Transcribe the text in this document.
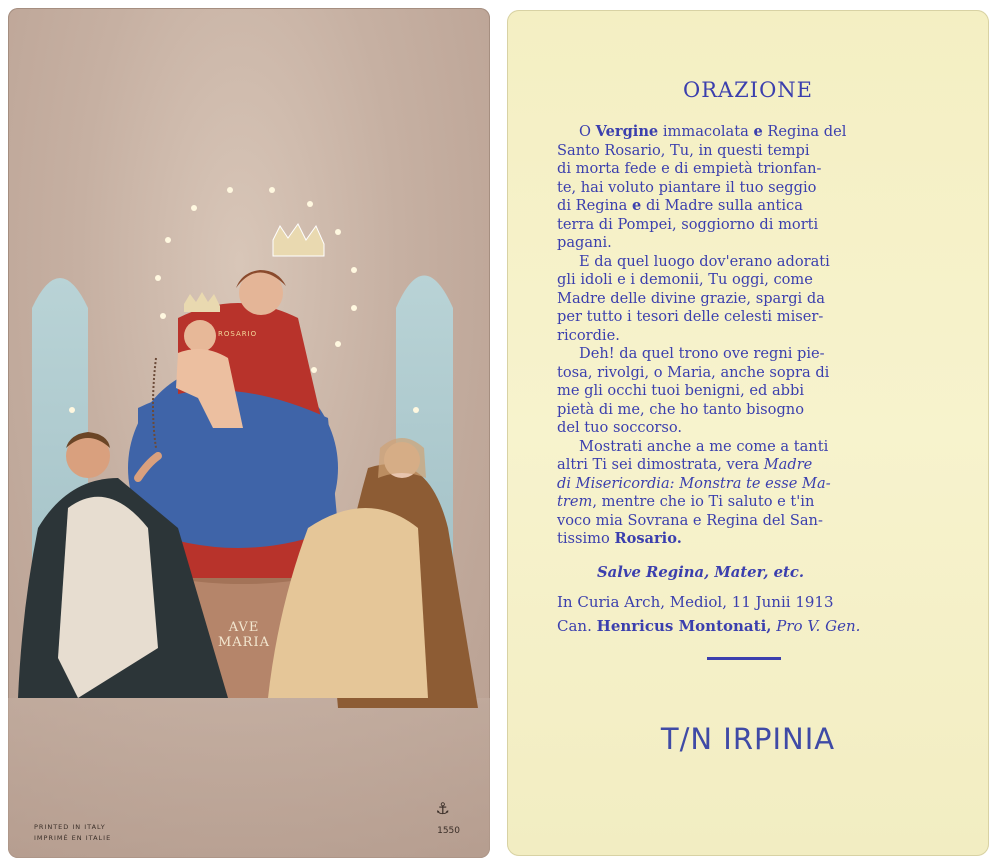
AVE
MARIA
ROSARIO
PRINTED IN ITALY
IMPRIMÉ EN ITALIE
⚓
1550
ORAZIONE
O Vergine immacolata e Regina del
Santo Rosario, Tu, in questi tempi
di morta fede e di empietà trionfan-
te, hai voluto piantare il tuo seggio
di Regina e di Madre sulla antica
terra di Pompei, soggiorno di morti
pagani.
E da quel luogo dov'erano adorati
gli idoli e i demonii, Tu oggi, come
Madre delle divine grazie, spargi da
per tutto i tesori delle celesti miser-
ricordie.
Deh! da quel trono ove regni pie-
tosa, rivolgi, o Maria, anche sopra di
me gli occhi tuoi benigni, ed abbi
pietà di me, che ho tanto bisogno
del tuo soccorso.
Mostrati anche a me come a tanti
altri Ti sei dimostrata, vera Madre
di Misericordia: Monstra te esse Ma-
trem, mentre che io Ti saluto e t'in
voco mia Sovrana e Regina del San-
tissimo Rosario.
Salve Regina, Mater, etc.
In Curia Arch, Mediol, 11 Junii 1913
Can. Henricus Montonati, Pro V. Gen.
T/N IRPINIA
